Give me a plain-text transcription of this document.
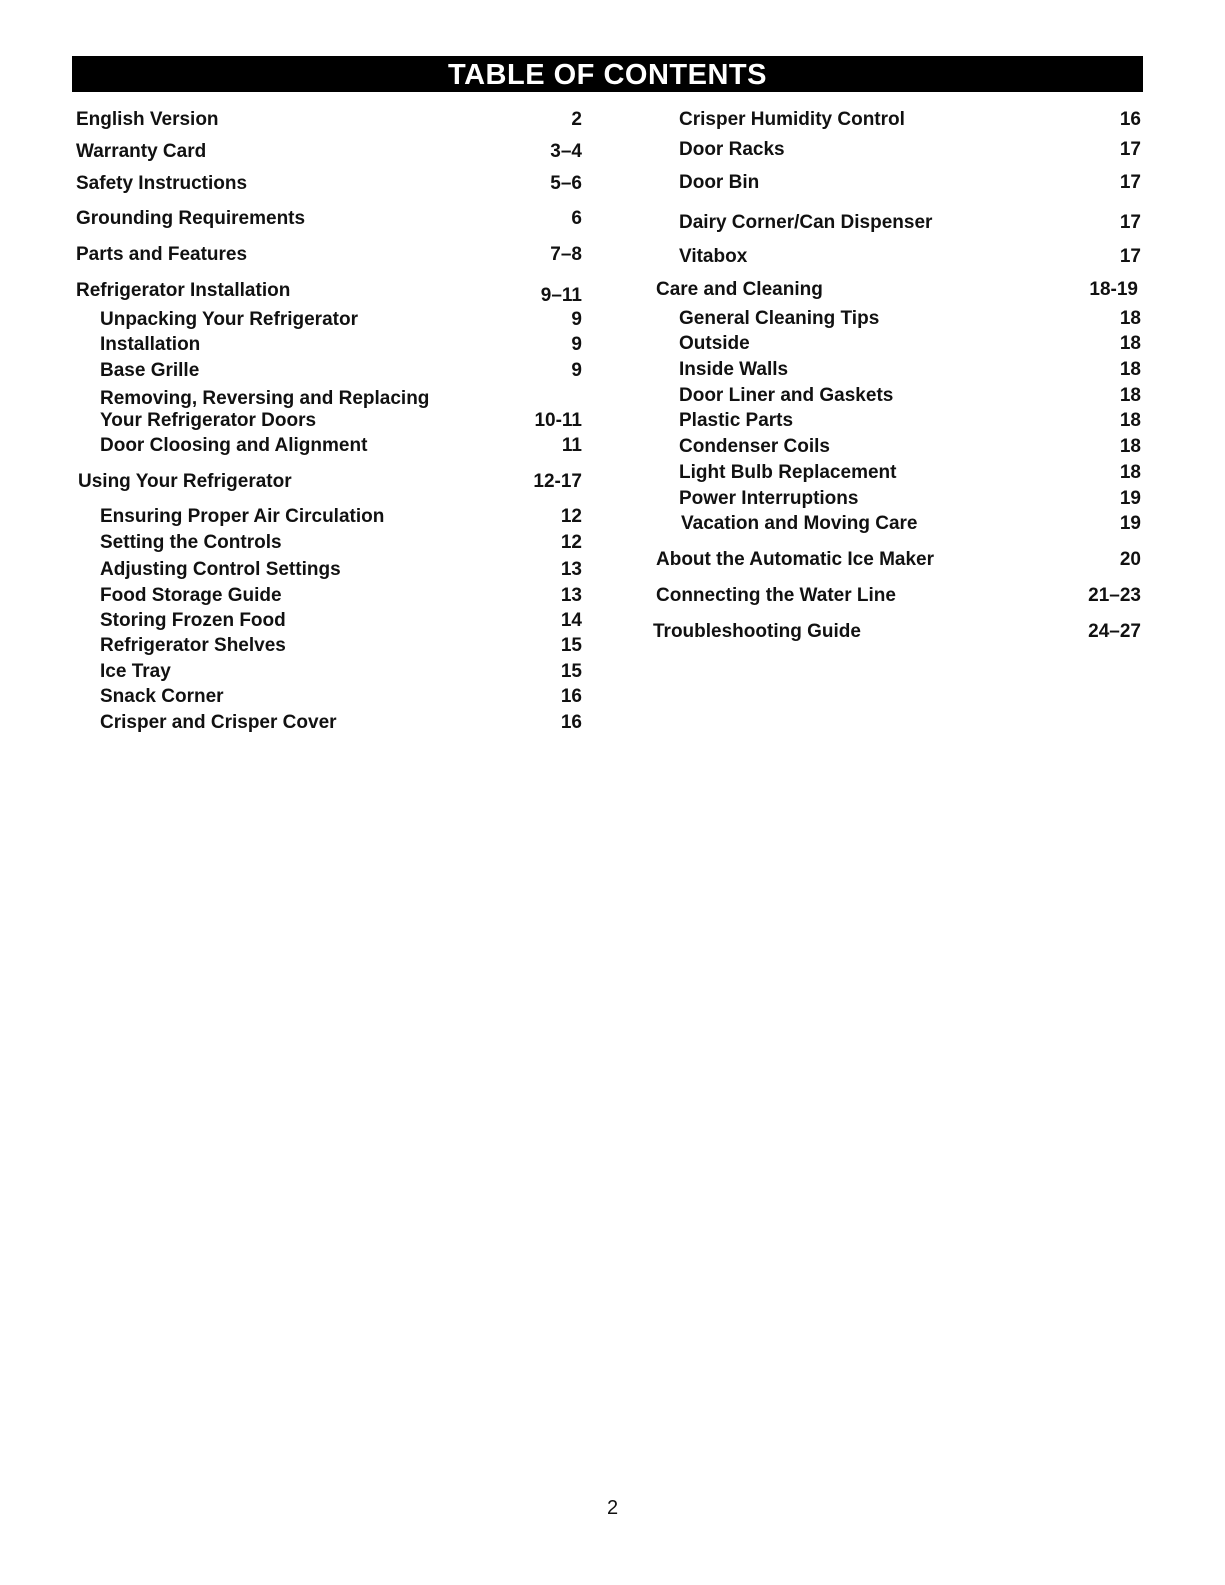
TABLE OF CONTENTS
English Version	2
Warranty Card	3–4
Safety Instructions	5–6
Grounding Requirements	6
Parts and Features	7–8
Refrigerator Installation	9–11
Unpacking Your Refrigerator	9
Installation	9
Base Grille	9
Removing, Reversing and Replacing
Your Refrigerator Doors	10-11
Door Cloosing and Alignment	11
Using Your Refrigerator	12-17
Ensuring Proper Air Circulation	12
Setting the Controls	12
Adjusting Control Settings	13
Food Storage Guide	13
Storing Frozen Food	14
Refrigerator Shelves	15
Ice Tray	15
Snack Corner	16
Crisper and Crisper Cover	16
Crisper Humidity Control	16
Door Racks	17
Door Bin	17
Dairy Corner/Can Dispenser	17
Vitabox	17
Care and Cleaning	18-19
General Cleaning Tips	18
Outside	18
Inside Walls	18
Door Liner and Gaskets	18
Plastic Parts	18
Condenser Coils	18
Light Bulb Replacement	18
Power Interruptions	19
Vacation and Moving Care	19
About the Automatic Ice Maker	20
Connecting the Water Line	21–23
Troubleshooting Guide	24–27
2
